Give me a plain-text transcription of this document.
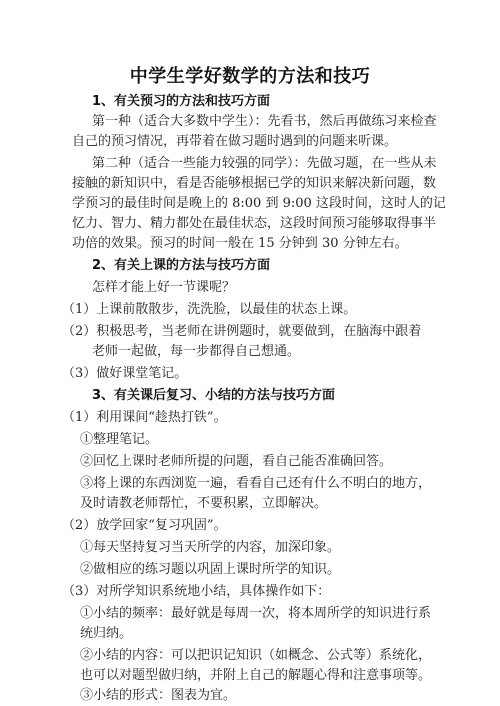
中学生学好数学的方法和技巧
1、有关预习的方法和技巧方面
第一种（适合大多数中学生）：先看书，然后再做练习来检查
自己的预习情况，再带着在做习题时遇到的问题来听课。
第二种（适合一些能力较强的同学）：先做习题，在一些从未
接触的新知识中，看是否能够根据已学的知识来解决新问题，数
学预习的最佳时间是晚上的 8:00 到 9:00 这段时间，这时人的记
忆力、智力、精力都处在最佳状态，这段时间预习能够取得事半
功倍的效果。预习的时间一般在 15 分钟到 30 分钟左右。
2、有关上课的方法与技巧方面
怎样才能上好一节课呢？
（1）上课前散散步，洗洗脸，以最佳的状态上课。
（2）积极思考，当老师在讲例题时，就要做到，在脑海中跟着
老师一起做，每一步都得自己想通。
（3）做好课堂笔记。
3、有关课后复习、小结的方法与技巧方面
（1）利用课间“趁热打铁”。
①整理笔记。
②回忆上课时老师所提的问题，看自己能否准确回答。
③将上课的东西浏览一遍，看看自己还有什么不明白的地方，
及时请教老师帮忙，不要积累，立即解决。
（2）放学回家“复习巩固”。
①每天坚持复习当天所学的内容，加深印象。
②做相应的练习题以巩固上课时所学的知识。
（3）对所学知识系统地小结，具体操作如下：
①小结的频率：最好就是每周一次，将本周所学的知识进行系
统归纳。
②小结的内容：可以把识记知识（如概念、公式等）系统化，
也可以对题型做归纳，并附上自己的解题心得和注意事项等。
③小结的形式：图表为宜。
